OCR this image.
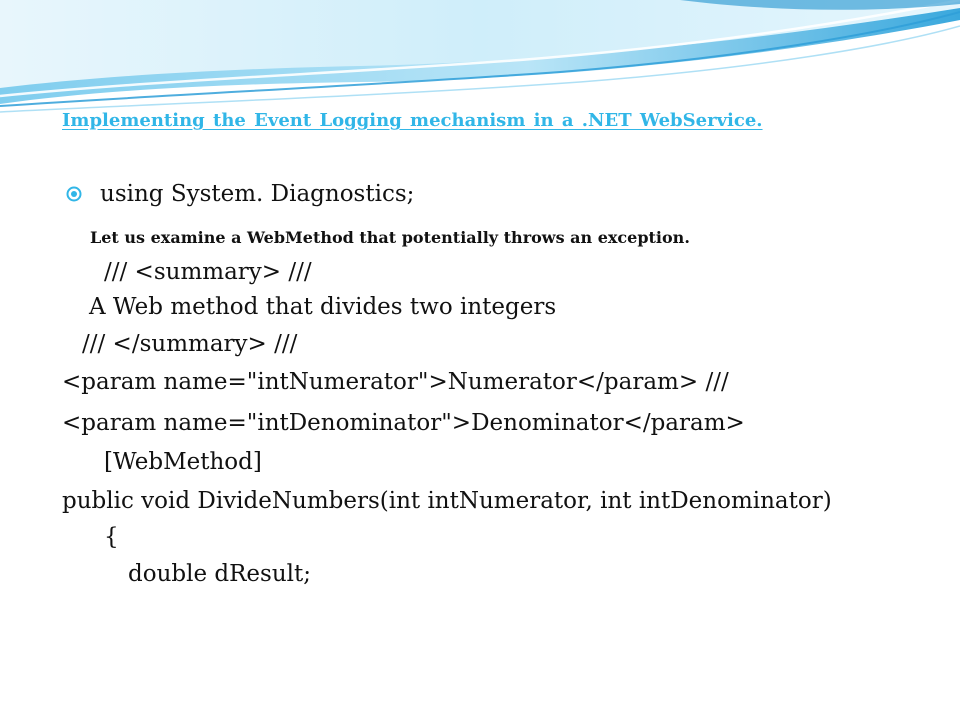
Implementing the Event Logging mechanism in a .NET WebService.
using System. Diagnostics;
Let us examine a WebMethod that potentially throws an exception.
/// <summary> ///
A Web method that divides two integers
/// </summary> ///
<param name="intNumerator">Numerator</param> ///
<param name="intDenominator">Denominator</param>
[WebMethod]
public void DivideNumbers(int intNumerator, int intDenominator)
{
double dResult;
